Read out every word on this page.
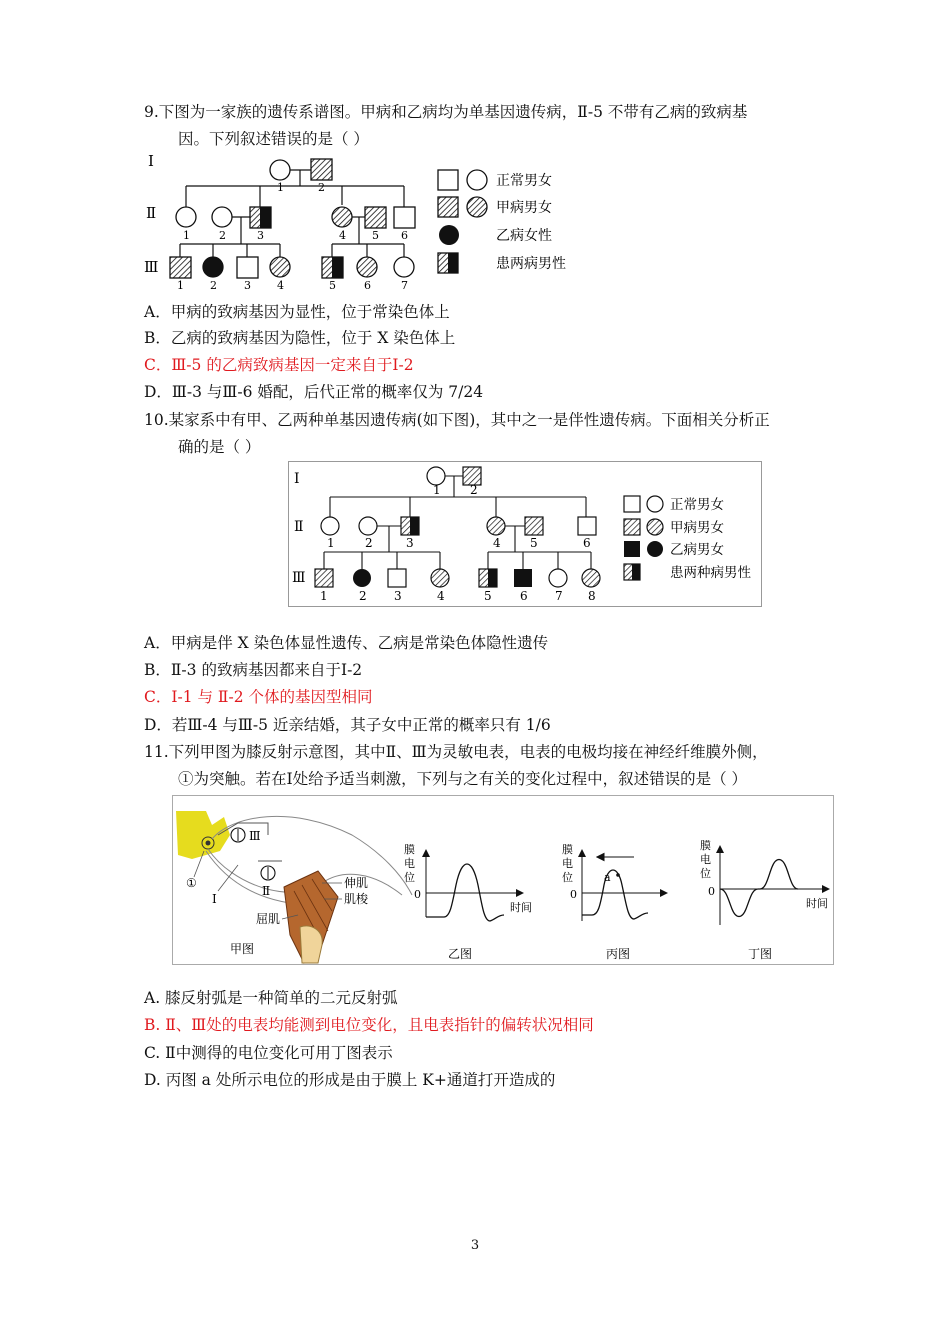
9.下图为一家族的遗传系谱图。甲病和乙病均为单基因遗传病，Ⅱ-5 不带有乙病的致病基
因。下列叙述错误的是（ ）
Ⅰ
Ⅱ
Ⅲ
1	2
1	2	3	4 5 6
1 2 3 4	5	6	7
正常男女
甲病男女
乙病女性
患两病男性
A．甲病的致病基因为显性，位于常染色体上
B．乙病的致病基因为隐性，位于 X 染色体上
C．Ⅲ-5 的乙病致病基因一定来自于Ⅰ-2
D．Ⅲ-3 与Ⅲ-6 婚配，后代正常的概率仅为 7/24
10.某家系中有甲、乙两种单基因遗传病(如下图)，其中之一是伴性遗传病。下面相关分析正
确的是（ ）
Ⅰ
Ⅱ
Ⅲ
1 2
1	2	3	4 5	6
1	2 3	4	5 6 7 8
正常男女
甲病男女
乙病男女
患两种病男性
A．甲病是伴 X 染色体显性遗传、乙病是常染色体隐性遗传
B．Ⅱ-3 的致病基因都来自于Ⅰ-2
C．Ⅰ-1 与 Ⅱ-2 个体的基因型相同
D．若Ⅲ-4 与Ⅲ-5 近亲结婚，其子女中正常的概率只有 1/6
11.下列甲图为膝反射示意图，其中Ⅱ、Ⅲ为灵敏电表，电表的电极均接在神经纤维膜外侧，
①为突触。若在Ⅰ处给予适当刺激，下列与之有关的变化过程中，叙述错误的是（ ）
Ⅲ
Ⅱ
①
Ⅰ
伸肌
肌梭
屈肌
甲图
膜
电
位
0
时间
乙图
膜
电
位
0
a
丙图
膜
电
位
0
时间
丁图
A. 膝反射弧是一种简单的二元反射弧
B. Ⅱ、Ⅲ处的电表均能测到电位变化，且电表指针的偏转状况相同
C. Ⅱ中测得的电位变化可用丁图表示
D. 丙图 a 处所示电位的形成是由于膜上 K+通道打开造成的
3
